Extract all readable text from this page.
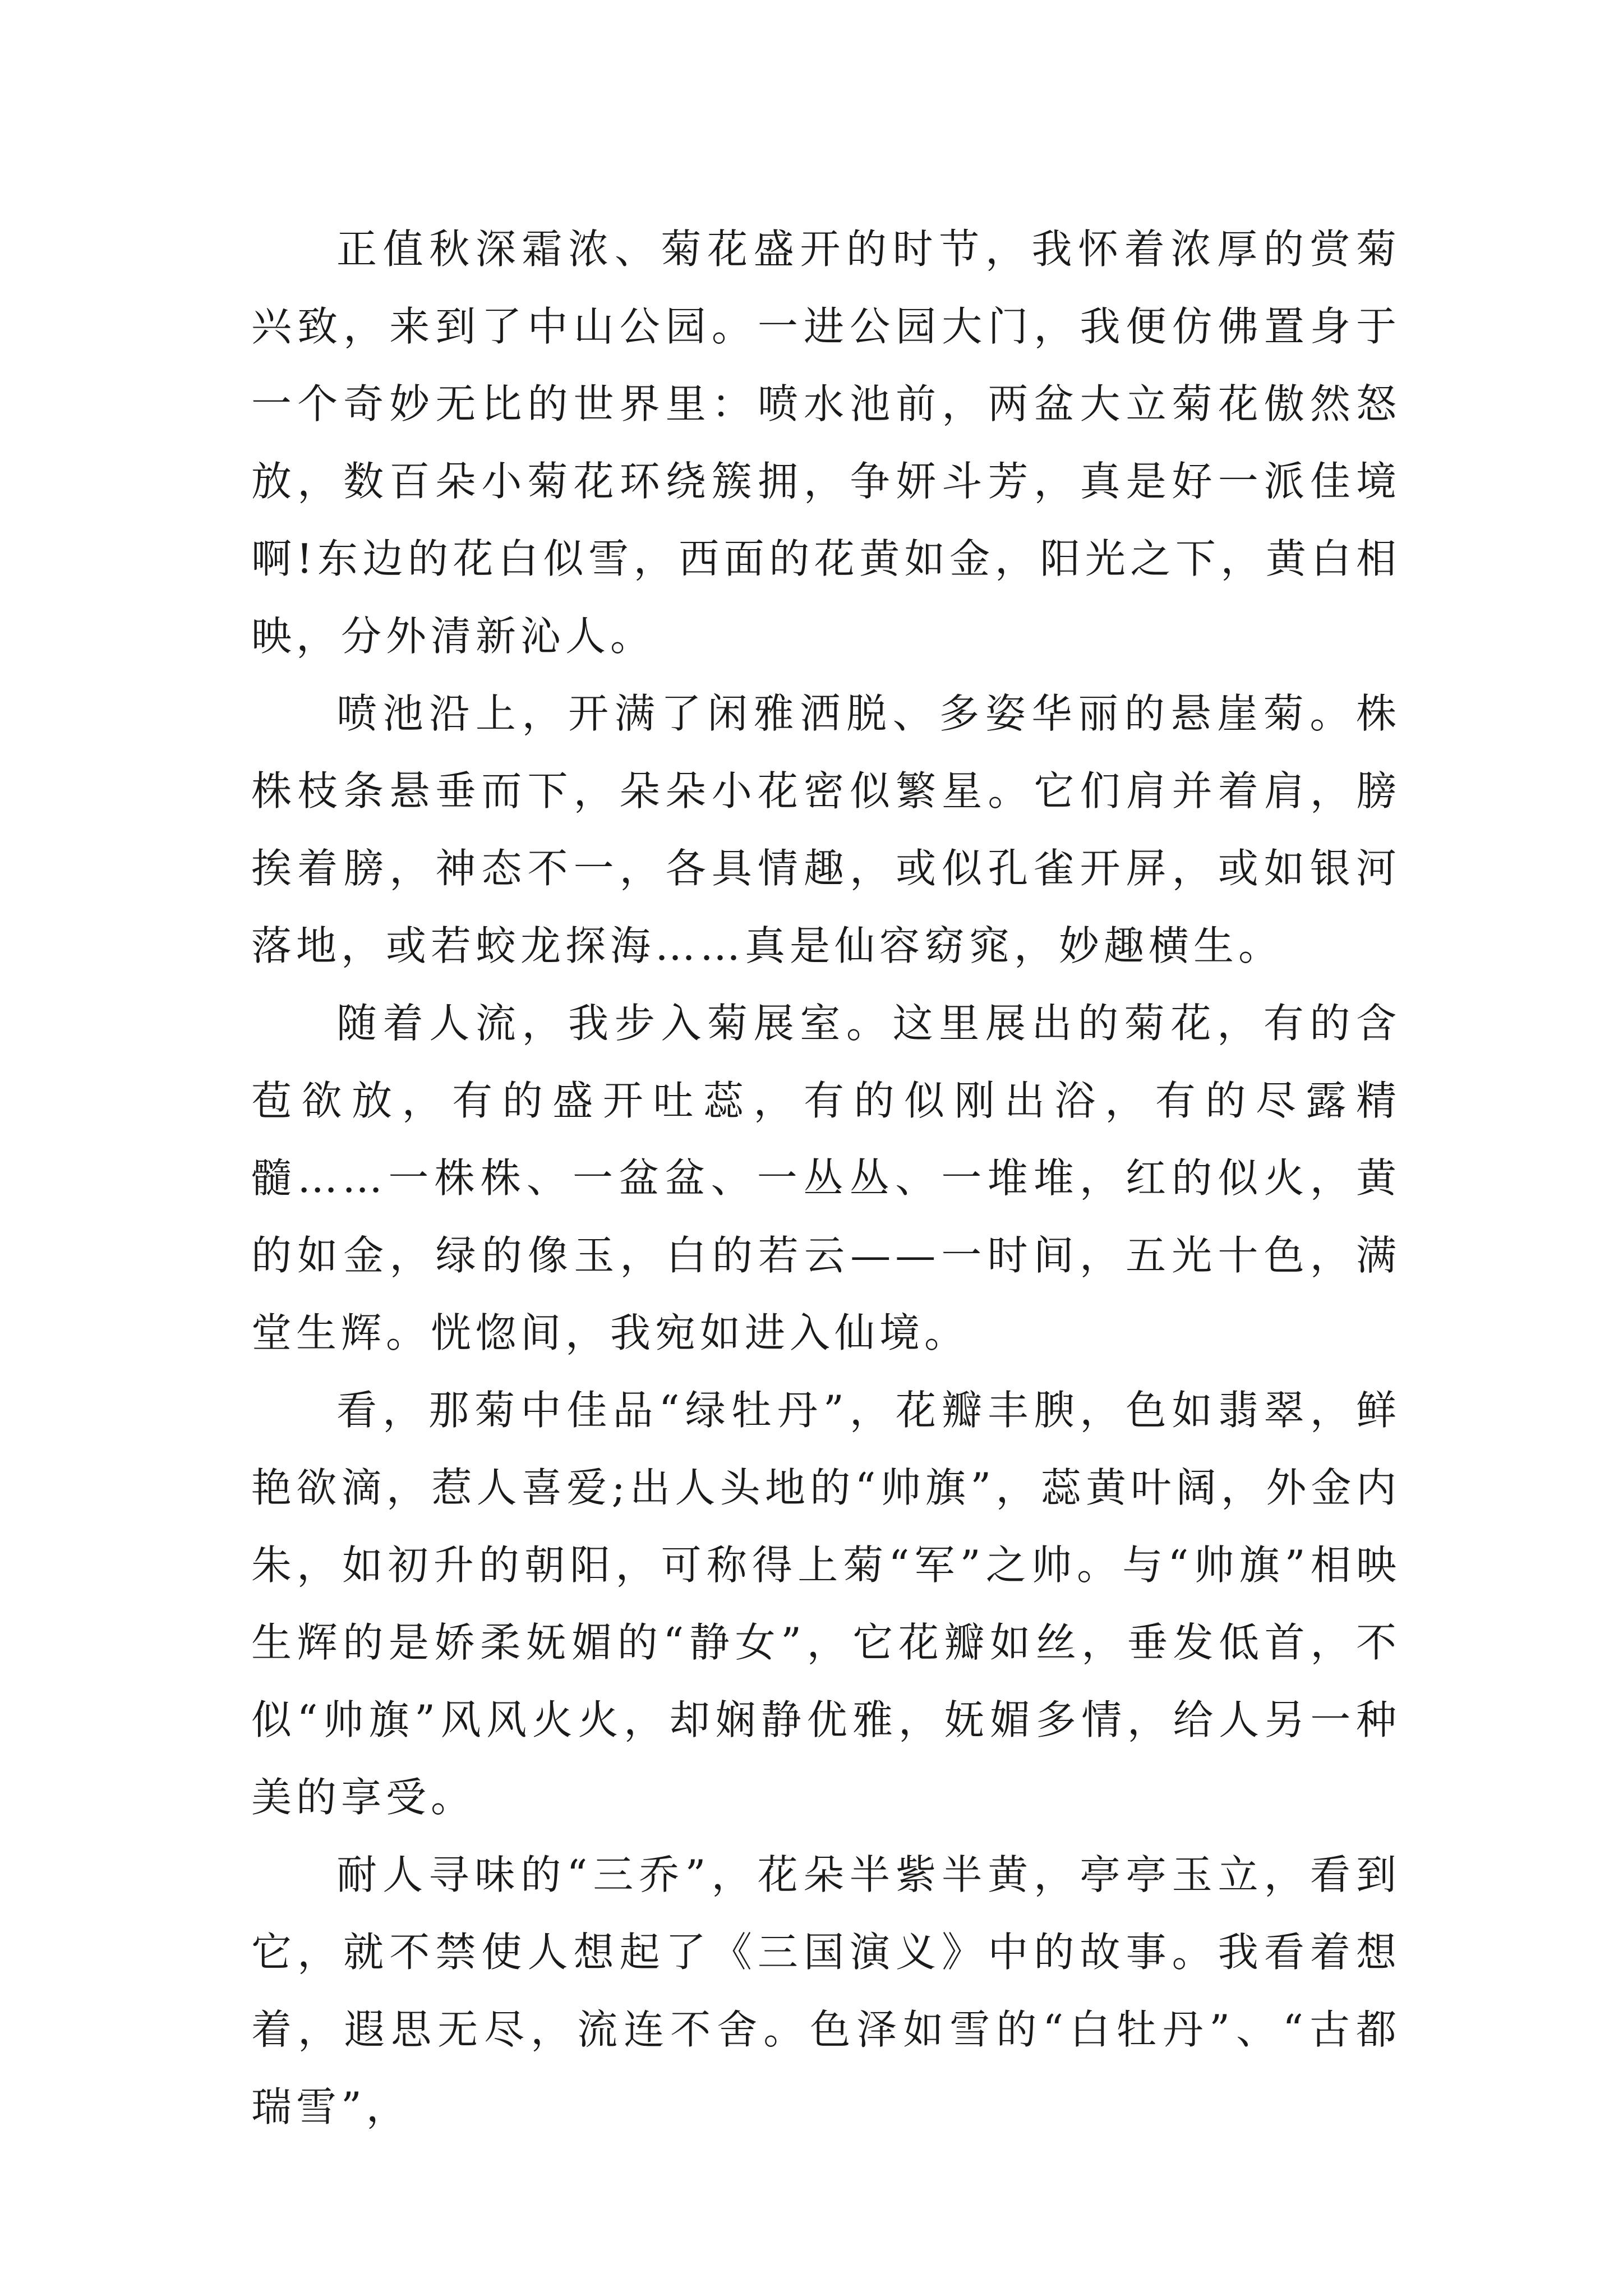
正值秋深霜浓、菊花盛开的时节，我怀着浓厚的赏菊兴致，来到了中山公园。一进公园大门，我便仿佛置身于一个奇妙无比的世界里：喷水池前，两盆大立菊花傲然怒放，数百朵小菊花环绕簇拥，争妍斗芳，真是好一派佳境啊!东边的花白似雪，西面的花黄如金，阳光之下，黄白相映，分外清新沁人。

喷池沿上，开满了闲雅洒脱、多姿华丽的悬崖菊。株株枝条悬垂而下，朵朵小花密似繁星。它们肩并着肩，膀挨着膀，神态不一，各具情趣，或似孔雀开屏，或如银河落地，或若蛟龙探海……真是仙容窈窕，妙趣横生。

随着人流，我步入菊展室。这里展出的菊花，有的含苞欲放，有的盛开吐蕊，有的似刚出浴，有的尽露精髓……一株株、一盆盆、一丛丛、一堆堆，红的似火，黄的如金，绿的像玉，白的若云——一时间，五光十色，满堂生辉。恍惚间，我宛如进入仙境。

看，那菊中佳品“绿牡丹”，花瓣丰腴，色如翡翠，鲜艳欲滴，惹人喜爱;出人头地的“帅旗”，蕊黄叶阔，外金内朱，如初升的朝阳，可称得上菊“军”之帅。与“帅旗”相映生辉的是娇柔妩媚的“静女”，它花瓣如丝，垂发低首，不似“帅旗”风风火火，却娴静优雅，妩媚多情，给人另一种美的享受。

耐人寻味的“三乔”，花朵半紫半黄，亭亭玉立，看到它，就不禁使人想起了《三国演义》中的故事。我看着想着，遐思无尽，流连不舍。色泽如雪的“白牡丹”、“古都瑞雪”，
